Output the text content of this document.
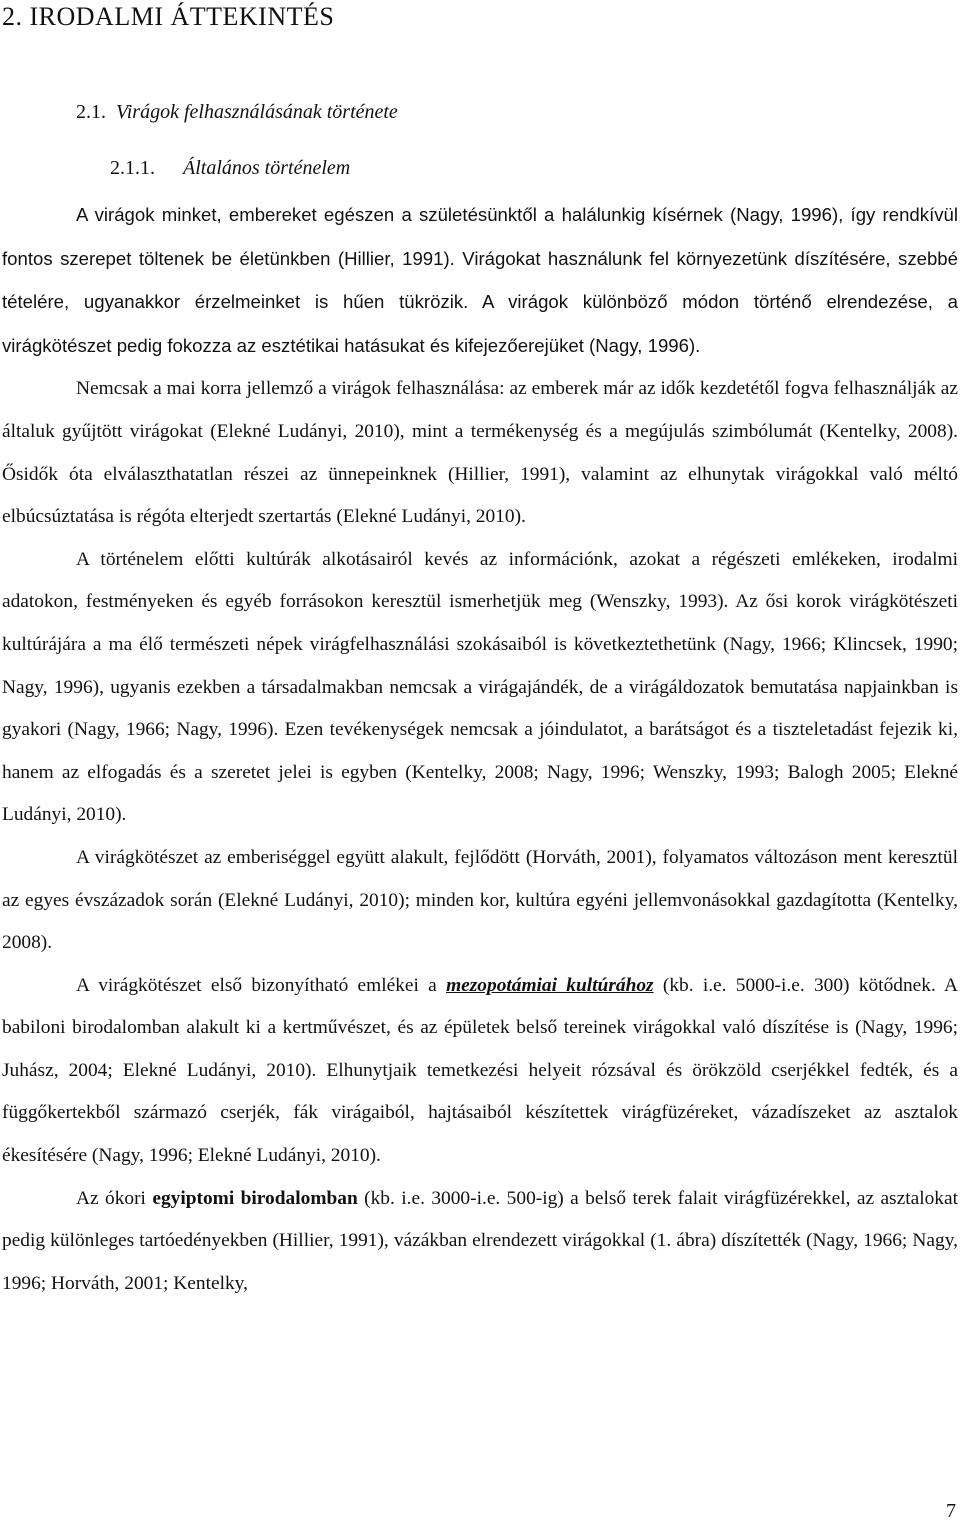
2. IRODALMI ÁTTEKINTÉS
2.1. Virágok felhasználásának története
2.1.1. Általános történelem

A virágok minket, embereket egészen a születésünktől a halálunkig kísérnek (Nagy, 1996), így rendkívül fontos szerepet töltenek be életünkben (Hillier, 1991). Virágokat használunk fel környezetünk díszítésére, szebbé tételére, ugyanakkor érzelmeinket is hűen tükrözik. A virágok különböző módon történő elrendezése, a virágkötészet pedig fokozza az esztétikai hatásukat és kifejezőerejüket (Nagy, 1996).

Nemcsak a mai korra jellemző a virágok felhasználása: az emberek már az idők kezdetétől fogva felhasználják az általuk gyűjtött virágokat (Elekné Ludányi, 2010), mint a termékenység és a megújulás szimbólumát (Kentelky, 2008). Ősidők óta elválaszthatatlan részei az ünnepeinknek (Hillier, 1991), valamint az elhunytak virágokkal való méltó elbúcsúztatása is régóta elterjedt szertartás (Elekné Ludányi, 2010).

A történelem előtti kultúrák alkotásairól kevés az információnk, azokat a régészeti emlékeken, irodalmi adatokon, festményeken és egyéb forrásokon keresztül ismerhetjük meg (Wenszky, 1993). Az ősi korok virágkötészeti kultúrájára a ma élő természeti népek virágfelhasználási szokásaiból is következtethetünk (Nagy, 1966; Klincsek, 1990; Nagy, 1996), ugyanis ezekben a társadalmakban nemcsak a virágajándék, de a virágáldozatok bemutatása napjainkban is gyakori (Nagy, 1966; Nagy, 1996). Ezen tevékenységek nemcsak a jóindulatot, a barátságot és a tiszteletadást fejezik ki, hanem az elfogadás és a szeretet jelei is egyben (Kentelky, 2008; Nagy, 1996; Wenszky, 1993; Balogh 2005; Elekné Ludányi, 2010).

A virágkötészet az emberiséggel együtt alakult, fejlődött (Horváth, 2001), folyamatos változáson ment keresztül az egyes évszázadok során (Elekné Ludányi, 2010); minden kor, kultúra egyéni jellemvonásokkal gazdagította (Kentelky, 2008).

A virágkötészet első bizonyítható emlékei a mezopotámiai kultúrához (kb. i.e. 5000-i.e. 300) kötődnek. A babiloni birodalomban alakult ki a kertművészet, és az épületek belső tereinek virágokkal való díszítése is (Nagy, 1996; Juhász, 2004; Elekné Ludányi, 2010). Elhunytjaik temetkezési helyeit rózsával és örökzöld cserjékkel fedték, és a függőkertekből származó cserjék, fák virágaiból, hajtásaiból készítettek virágfüzéreket, vázadíszeket az asztalok ékesítésére (Nagy, 1996; Elekné Ludányi, 2010).

Az ókori egyiptomi birodalomban (kb. i.e. 3000-i.e. 500-ig) a belső terek falait virágfüzérekkel, az asztalokat pedig különleges tartóedényekben (Hillier, 1991), vázákban elrendezett virágokkal (1. ábra) díszítették (Nagy, 1966; Nagy, 1996; Horváth, 2001; Kentelky,

7
